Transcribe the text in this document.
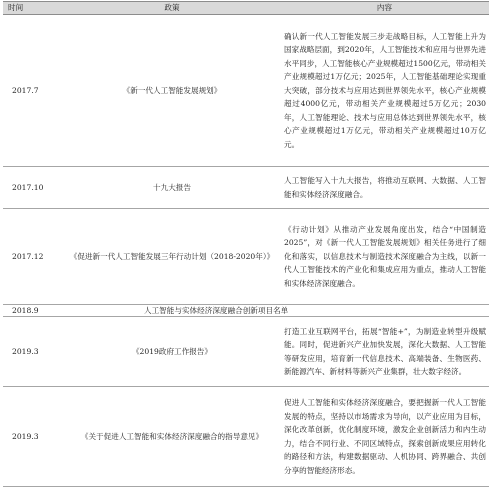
时间	政策	内容
2017.7	《新一代人工智能发展规划》	确认新一代人工智能发展三步走战略目标，人工智能上升为国家战略层面，到2020年，人工智能技术和应用与世界先进水平同步，人工智能核心产业规模超过1500亿元，带动相关产业规模超过1万亿元；2025年，人工智能基础理论实现重大突破，部分技术与应用达到世界领先水平，核心产业规模超过4000亿元，带动相关产业规模超过5万亿元；2030年，人工智能理论、技术与应用总体达到世界领先水平，核心产业规模超过1万亿元，带动相关产业规模超过10万亿元。
2017.10	十九大报告	人工智能写入十九大报告，将推动互联网、大数据、人工智能和实体经济深度融合。
2017.12	《促进新一代人工智能发展三年行动计划（2018-2020年）》	《行动计划》从推动产业发展角度出发，结合“中国制造2025”，对《新一代人工智能发展规划》相关任务进行了细化和落实，以信息技术与制造技术深度融合为主线，以新一代人工智能技术的产业化和集成应用为重点，推动人工智能和实体经济深度融合。
2018.9	人工智能与实体经济深度融合创新项目名单	
2019.3	《2019政府工作报告》	打造工业互联网平台，拓展“智能+”，为制造业转型升级赋能。同时，促进新兴产业加快发展，深化大数据、人工智能等研发应用，培育新一代信息技术、高端装备、生物医药、新能源汽车、新材料等新兴产业集群，壮大数字经济。
2019.3	《关于促进人工智能和实体经济深度融合的指导意见》	促进人工智能和实体经济深度融合，要把握新一代人工智能发展的特点，坚持以市场需求为导向，以产业应用为目标，深化改革创新，优化制度环境，激发企业创新活力和内生动力，结合不同行业、不同区域特点，探索创新成果应用转化的路径和方法，构建数据驱动、人机协同、跨界融合、共创分享的智能经济形态。
